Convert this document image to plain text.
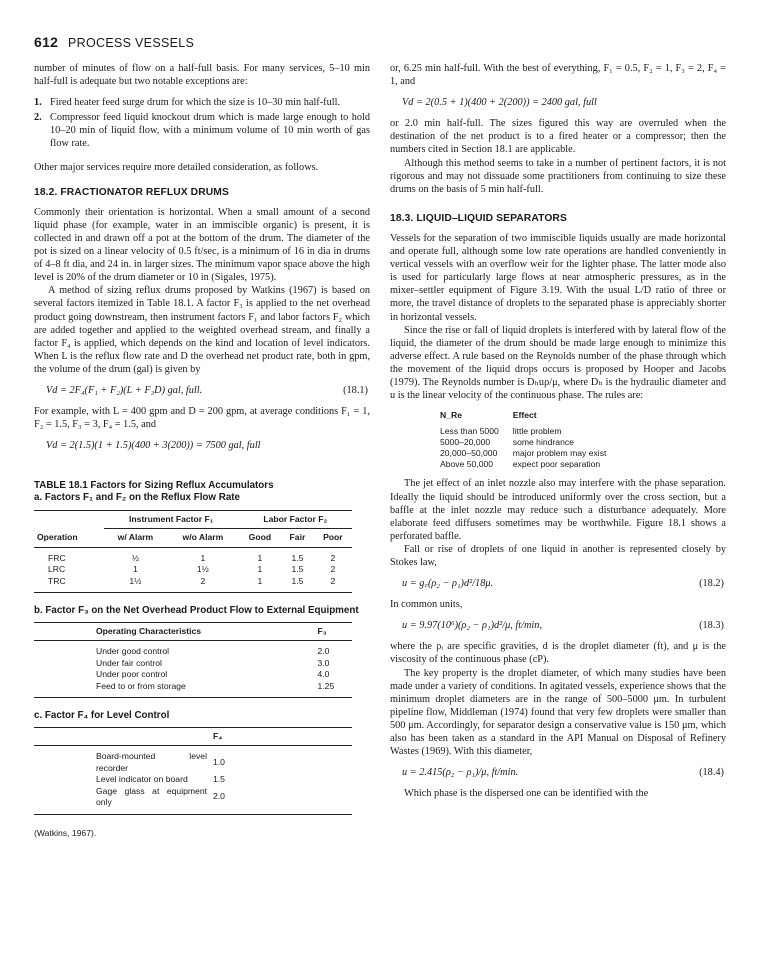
612 PROCESS VESSELS

number of minutes of flow on a half-full basis. For many services, 5–10 min half-full is adequate but two notable exceptions are:

1. Fired heater feed surge drum for which the size is 10–30 min half-full.
2. Compressor feed liquid knockout drum which is made large enough to hold 10–20 min of liquid flow, with a minimum volume of 10 min worth of gas flow rate.

Other major services require more detailed consideration, as follows.

18.2. FRACTIONATOR REFLUX DRUMS

Commonly their orientation is horizontal. When a small amount of a second liquid phase (for example, water in an immiscible organic) is present, it is collected in and drawn off a pot at the bottom of the drum. The diameter of the pot is sized on a linear velocity of 0.5 ft/sec, is a minimum of 16 in dia in drums of 4–8 ft dia, and 24 in. in larger sizes. The minimum vapor space above the high level is 20% of the drum diameter or 10 in (Sigales, 1975).

A method of sizing reflux drums proposed by Watkins (1967) is based on several factors itemized in Table 18.1. A factor F₃ is applied to the net overhead product going downstream, then instrument factors F₁ and labor factors F₂ which are added together and applied to the weighted overhead stream, and finally a factor F₄ is applied, which depends on the kind and location of level indicators. When L is the reflux flow rate and D the overhead net product rate, both in gpm, the volume of the drum (gal) is given by

Vd = 2F₄(F₁ + F₂)(L + F₃D) gal, full.	(18.1)

For example, with L = 400 gpm and D = 200 gpm, at average conditions F₁ = 1, F₂ = 1.5, F₃ = 3, F₄ = 1.5, and

Vd = 2(1.5)(1 + 1.5)(400 + 3(200)) = 7500 gal, full
TABLE 18.1 Factors for Sizing Reflux Accumulators
a. Factors F₁ and F₂ on the Reflux Flow Rate
	Instrument Factor F₁		Labor Factor F₂		
Operation	w/ Alarm	w/o Alarm	Good	Fair	Poor

FRC	½	1	1	1.5	2
LRC	1	1½	1	1.5	2
TRC	1½	2	1	1.5	2
b. Factor F₃ on the Net Overhead Product Flow to External Equipment
Operating Characteristics	F₃

Under good control	2.0
Under fair control	3.0
Under poor control	4.0
Feed to or from storage	1.25
c. Factor F₄ for Level Control
	F₄

Board-mounted level recorder	1.0
Level indicator on board	1.5
Gage glass at equipment only	2.0
(Watkins, 1967).

or, 6.25 min half-full. With the best of everything, F₁ = 0.5, F₂ = 1, F₃ = 2, F₄ = 1, and

Vd = 2(0.5 + 1)(400 + 2(200)) = 2400 gal, full

or 2.0 min half-full. The sizes figured this way are overruled when the destination of the net product is to a fired heater or a compressor; then the numbers cited in Section 18.1 are applicable.

Although this method seems to take in a number of pertinent factors, it is not rigorous and may not dissuade some practitioners from continuing to size these drums on the basis of 5 min half-full.

18.3. LIQUID–LIQUID SEPARATORS

Vessels for the separation of two immiscible liquids usually are made horizontal and operate full, although some low rate operations are handled conveniently in vertical vessels with an overflow weir for the lighter phase. The latter mode also is used for particularly large flows at near atmospheric pressures, as in the mixer–settler equipment of Figure 3.19. With the usual L/D ratio of three or more, the travel distance of droplets to the separated phase is appreciably shorter in horizontal vessels.

Since the rise or fall of liquid droplets is interfered with by lateral flow of the liquid, the diameter of the drum should be made large enough to minimize this adverse effect. A rule based on the Reynolds number of the phase through which the movement of the liquid drops occurs is proposed by Hooper and Jacobs (1979). The Reynolds number is Dₕuρ/μ, where Dₕ is the hydraulic diameter and u is the linear velocity of the continuous phase. The rules are:

N_Re	Effect
Less than 5000	little problem
5000–20,000	some hindrance
20,000–50,000	major problem may exist
Above 50,000	expect poor separation

The jet effect of an inlet nozzle also may interfere with the phase separation. Ideally the liquid should be introduced uniformly over the cross section, but a baffle at the inlet nozzle may reduce such a disturbance adequately. More elaborate feed diffusers sometimes may be worthwhile. Figure 18.1 shows a perforated baffle.

Fall or rise of droplets of one liquid in another is represented closely by Stokes law,

u = g꜀(ρ₂ − ρ₁)d²/18μ.	(18.2)

In common units,

u = 9.97(10⁶)(ρ₂ − ρ₁)d²/μ, ft/min,	(18.3)

where the ρᵢ are specific gravities, d is the droplet diameter (ft), and μ is the viscosity of the continuous phase (cP).

The key property is the droplet diameter, of which many studies have been made under a variety of conditions. In agitated vessels, experience shows that the minimum droplet diameters are in the range of 500–5000 μm. In turbulent pipeline flow, Middleman (1974) found that very few droplets were smaller than 500 μm. Accordingly, for separator design a conservative value is 150 μm, which also has been taken as a standard in the API Manual on Disposal of Refinery Wastes (1969). With this diameter,

u = 2.415(ρ₂ − ρ₁)/μ, ft/min.	(18.4)

Which phase is the dispersed one can be identified with the
